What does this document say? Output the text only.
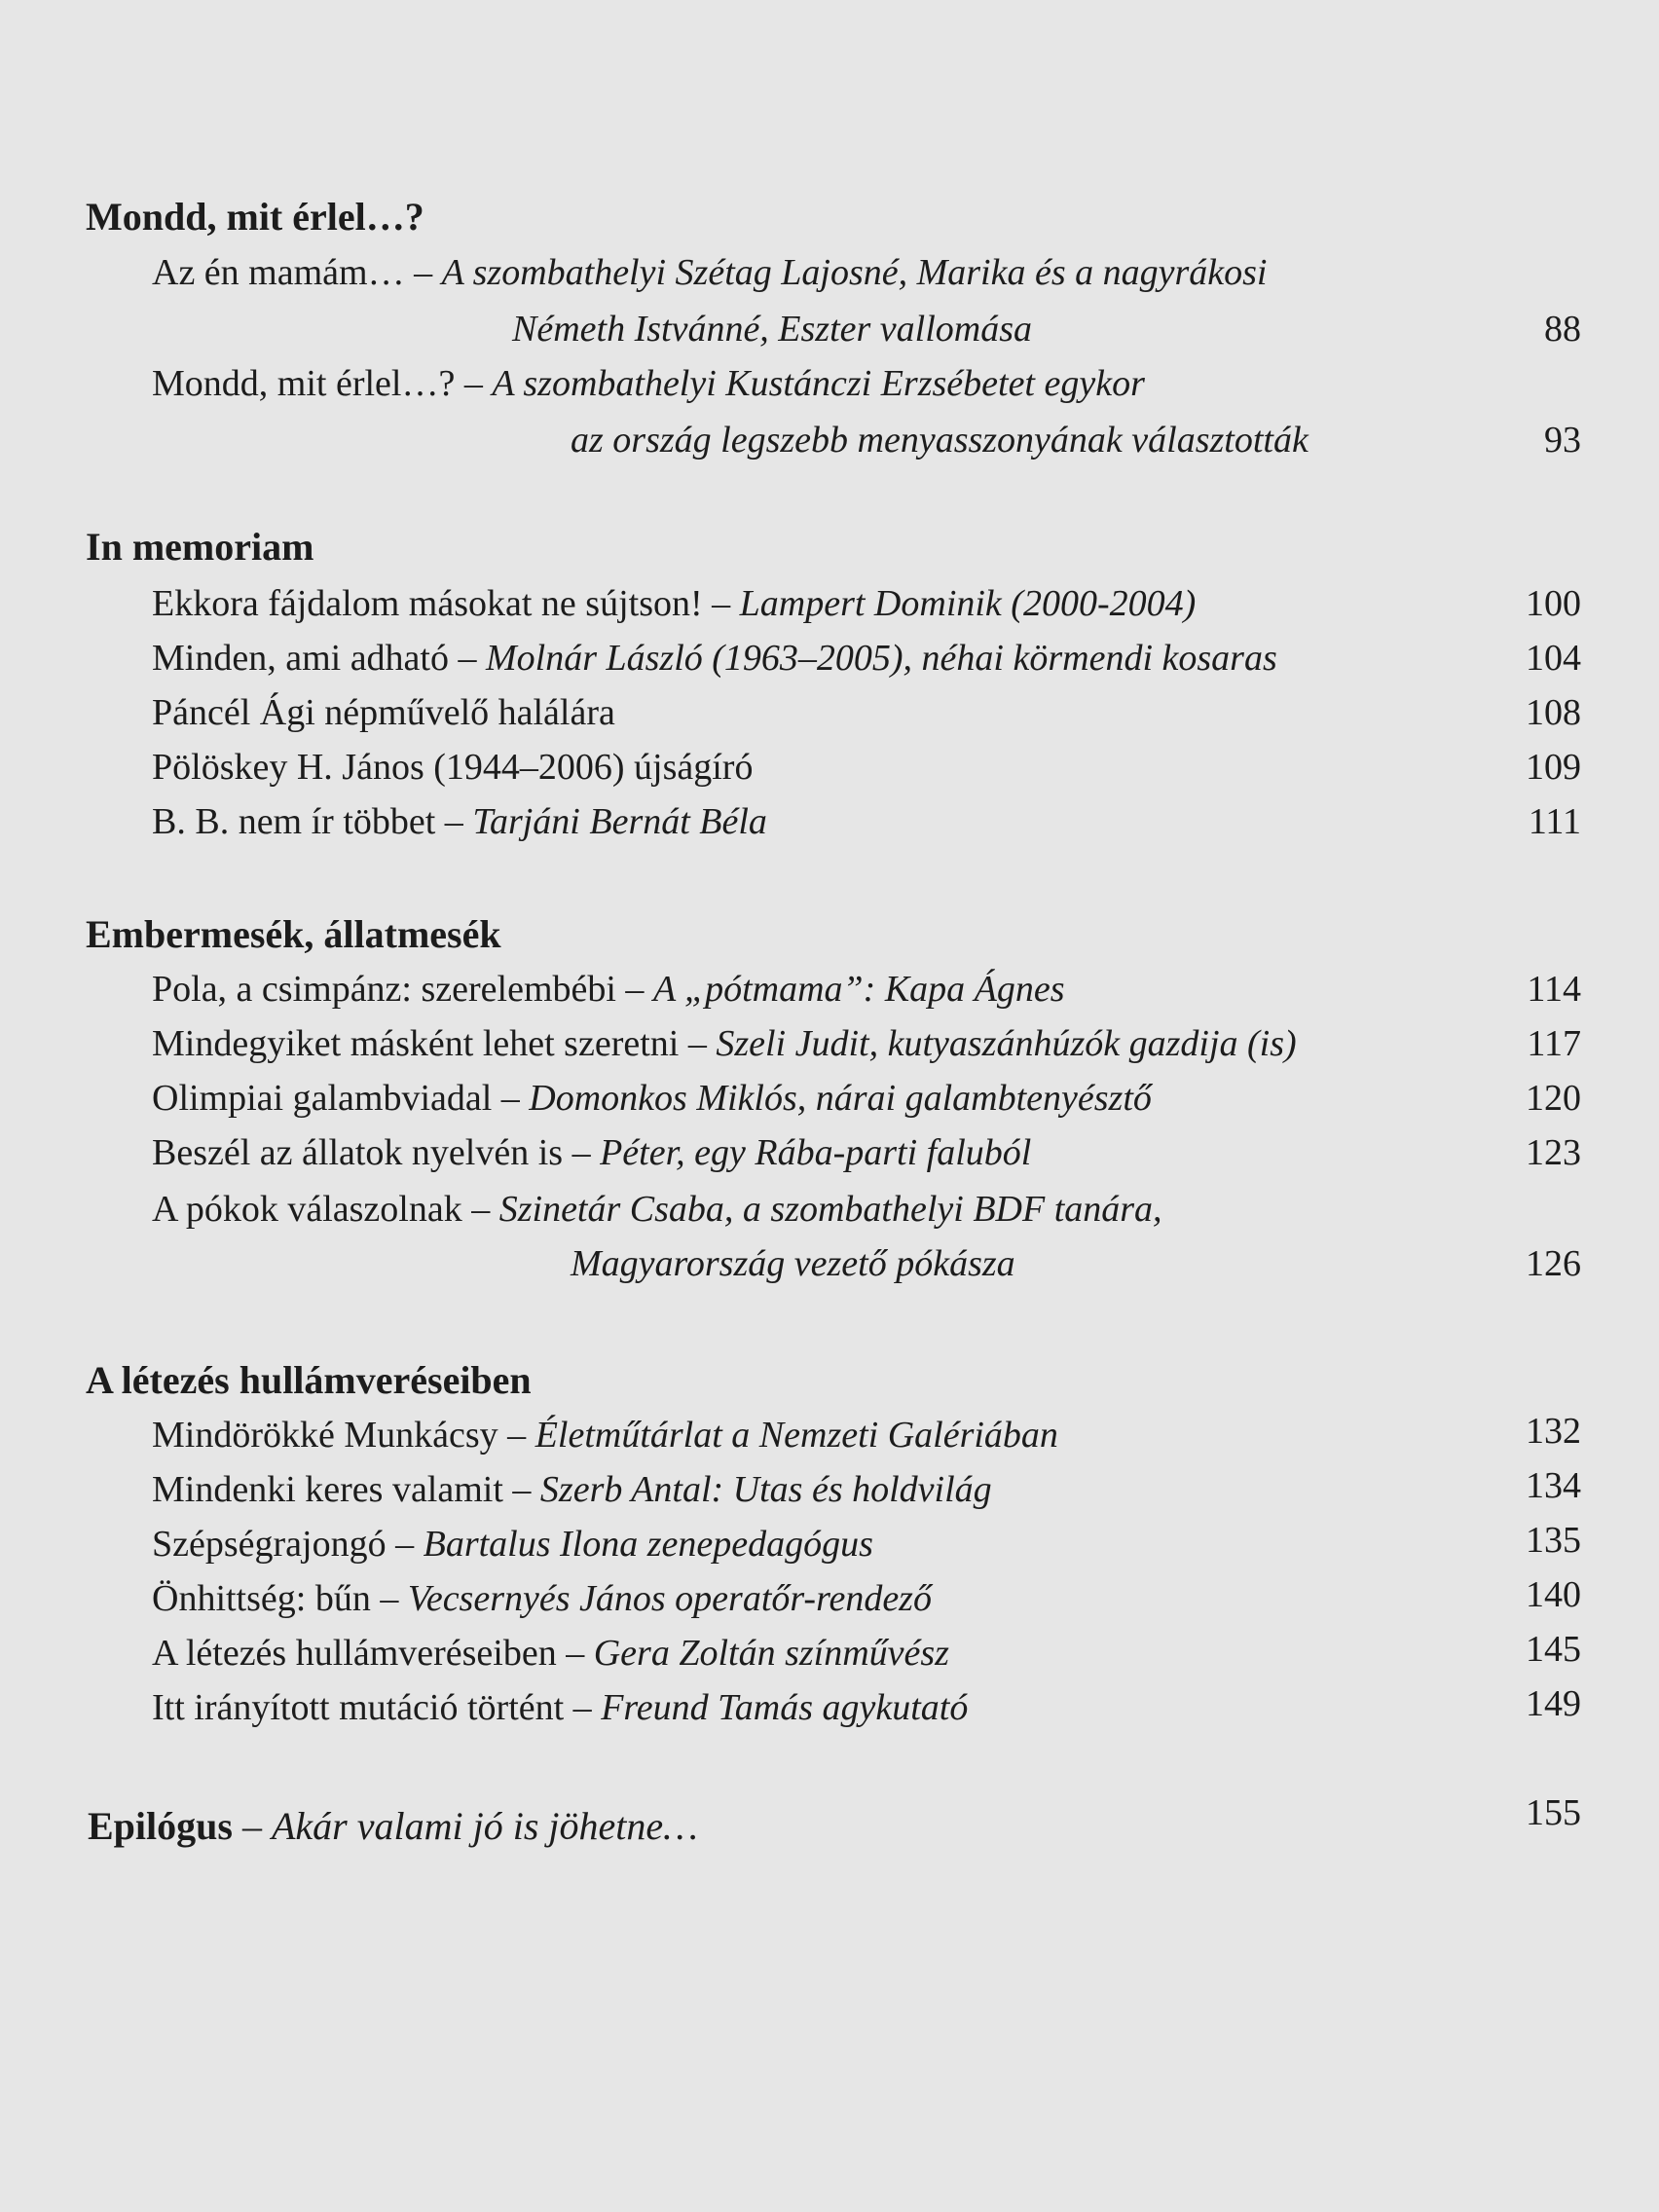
Mondd, mit érlel…?
Az én mamám… – A szombathelyi Szétag Lajosné, Marika és a nagyrákosi
Németh Istvánné, Eszter vallomása	88
Mondd, mit érlel…? – A szombathelyi Kustánczi Erzsébetet egykor
az ország legszebb menyasszonyának választották	93
In memoriam
Ekkora fájdalom másokat ne sújtson! – Lampert Dominik (2000-2004)	100
Minden, ami adható – Molnár László (1963–2005), néhai körmendi kosaras	104
Páncél Ági népművelő halálára	108
Pölöskey H. János (1944–2006) újságíró	109
B. B. nem ír többet – Tarjáni Bernát Béla	111
Embermesék, állatmesék
Pola, a csimpánz: szerelembébi – A „pótmama”: Kapa Ágnes	114
Mindegyiket másként lehet szeretni – Szeli Judit, kutyaszánhúzók gazdija (is)	117
Olimpiai galambviadal – Domonkos Miklós, nárai galambtenyésztő	120
Beszél az állatok nyelvén is – Péter, egy Rába-parti faluból	123
A pókok válaszolnak – Szinetár Csaba, a szombathelyi BDF tanára,
Magyarország vezető pókásza	126
A létezés hullámveréseiben
Mindörökké Munkácsy – Életműtárlat a Nemzeti Galériában	132
Mindenki keres valamit – Szerb Antal: Utas és holdvilág	134
Szépségrajongó – Bartalus Ilona zenepedagógus	135
Önhittség: bűn – Vecsernyés János operatőr-rendező	140
A létezés hullámveréseiben – Gera Zoltán színművész	145
Itt irányított mutáció történt – Freund Tamás agykutató	149
Epilógus – Akár valami jó is jöhetne…	155
